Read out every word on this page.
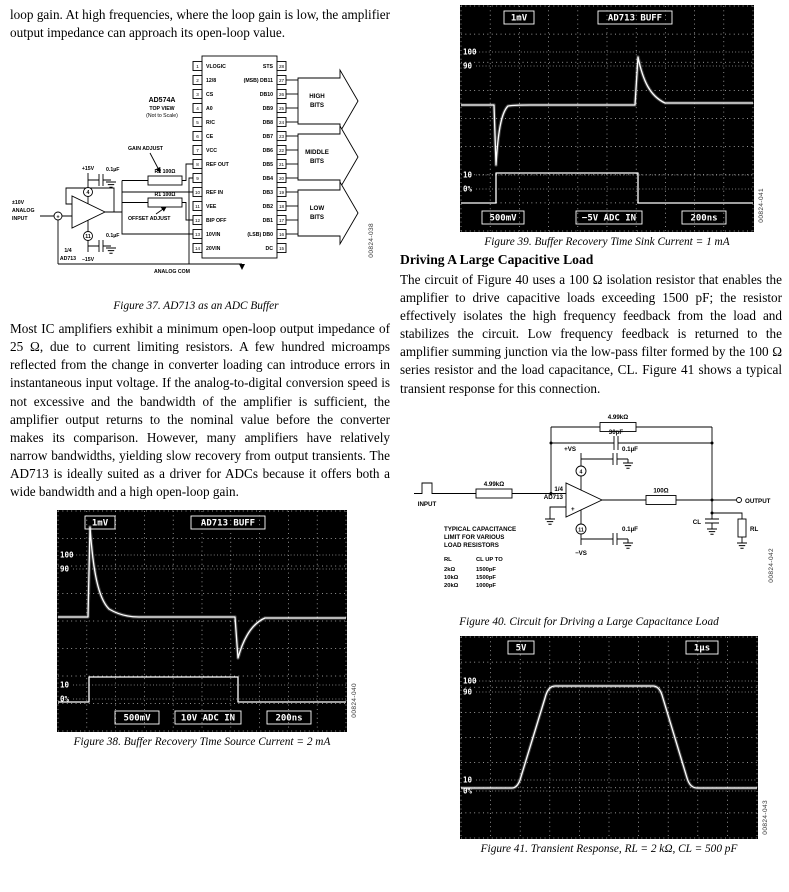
loop gain. At high frequencies, where the loop gain is low, the amplifier output impedance can approach its open-loop value.

AD574A
TOP VIEW
(Not to Scale)
1 VLOGIC
2 12/8
3 CS
4 A0
5 R/C
6 CE
7 VCC
8 REF OUT
9
10 REF IN
11 VEE
12 BIP OFF
13 10VIN
14 20VIN
28
STS
27
(MSB) DB11
26
DB10
25
DB9
24
DB8
23
DB7
22
DB6
21
DB5
20
DB4
19
DB3
18
DB2
17
DB1
16
(LSB) DB0
15
DC
HIGH
BITS
MIDDLE
BITS
LOW
BITS
4
11
+
GAIN ADJUST
OFFSET ADJUST
R2 100Ω
R1 100Ω
+15V
−15V
0.1µF
0.1µF
±10V
ANALOG
INPUT
1/4
AD713
ANALOG COM
00824-038
Figure 37. AD713 as an ADC Buffer

Most IC amplifiers exhibit a minimum open-loop output impedance of 25 Ω, due to current limiting resistors. A few hundred microamps reflected from the change in converter loading can introduce errors in instantaneous input voltage. If the analog-to-digital conversion speed is not excessive and the bandwidth of the amplifier is sufficient, the amplifier output returns to the nominal value before the converter makes its comparison. However, many amplifiers have relatively narrow bandwidths, yielding slow recovery from output transients. The AD713 is ideally suited as a driver for ADCs because it offers both a wide bandwidth and a high open-loop gain.

100
90
10
0%
1mV	AD713 BUFF
500mV	10V ADC IN	200ns
00824-040
Figure 38. Buffer Recovery Time Source Current = 2 mA
100
90
10
0%
1mV	AD713 BUFF
500mV	−5V ADC IN	200ns	00824-041
Figure 39. Buffer Recovery Time Sink Current = 1 mA
Driving A Large Capacitive Load

The circuit of Figure 40 uses a 100 Ω isolation resistor that enables the amplifier to drive capacitive loads exceeding 1500 pF; the resistor effectively isolates the high frequency feedback from the load and stabilizes the circuit. Low frequency feedback is returned to the amplifier summing junction via the low-pass filter formed by the 100 Ω series resistor and the load capacitance, CL. Figure 41 shows a typical transient response for this connection.

+
4
11
INPUT
4.99kΩ
4.99kΩ
30pF
1/4
AD713
+VS
−VS
0.1µF
0.1µF
100Ω
OUTPUT
CL
RL
TYPICAL CAPACITANCE
LIMIT FOR VARIOUS
LOAD RESISTORS
RL	CL UP TO
2kΩ	1500pF
10kΩ	1500pF
20kΩ	1000pF
00824-042
Figure 40. Circuit for Driving a Large Capacitance Load
100
90
10
0%
5V	1µs
00824-043
Figure 41. Transient Response, RL = 2 kΩ, CL = 500 pF
